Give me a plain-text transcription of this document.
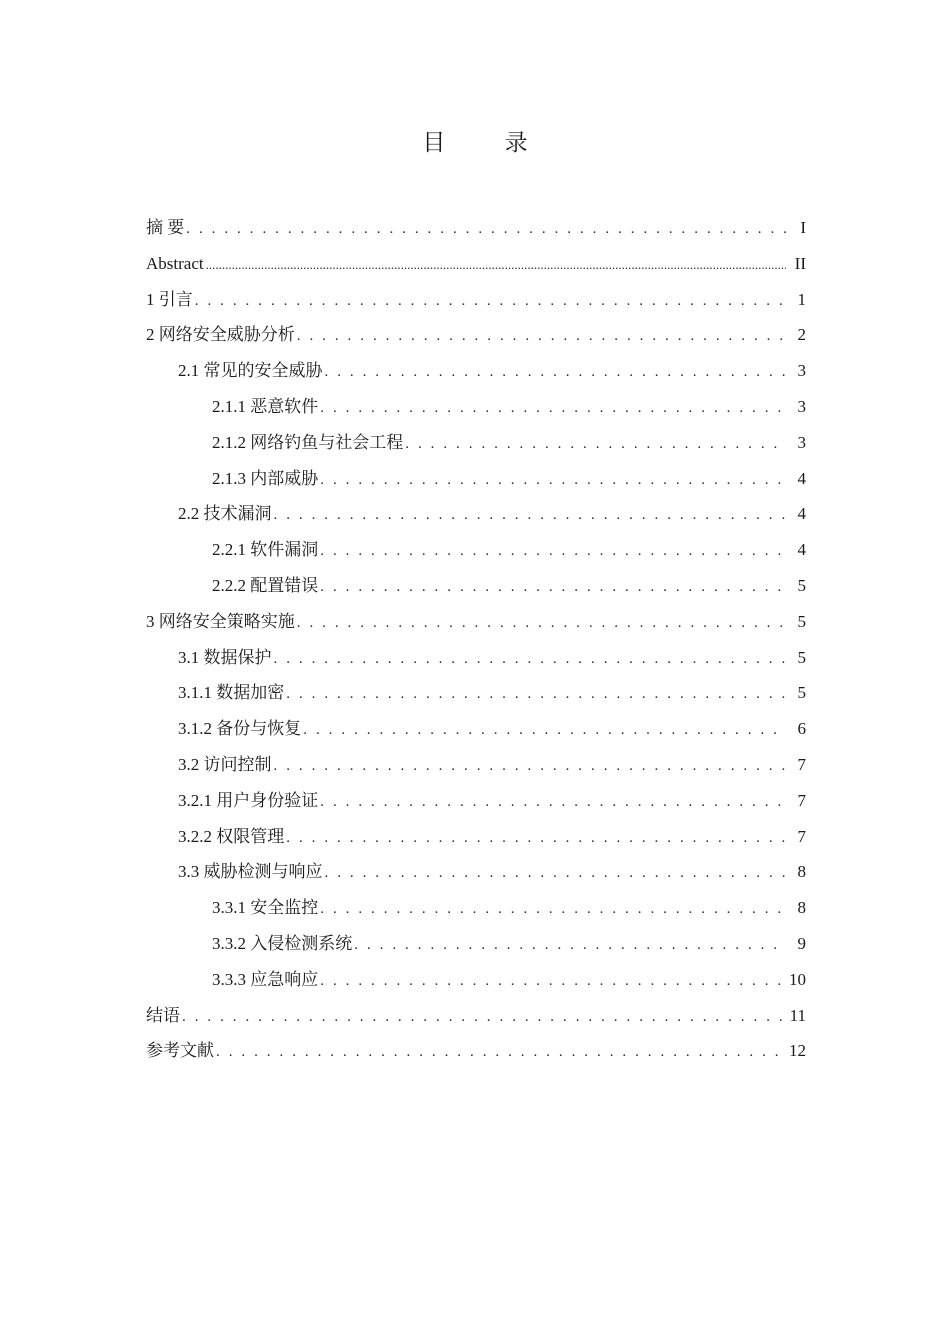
目 录
摘 要 . . .	I
Abstract .....	II
1 引言 . . .	1
2 网络安全威胁分析 . . .	2
2.1 常见的安全威胁 . . .	3
2.1.1 恶意软件 . . .	3
2.1.2 网络钓鱼与社会工程 . . .	3
2.1.3 内部威胁 . . .	4
2.2 技术漏洞 . . .	4
2.2.1 软件漏洞 . . .	4
2.2.2 配置错误 . . .	5
3 网络安全策略实施 . . .	5
3.1 数据保护 . . .	5
3.1.1 数据加密 . . .	5
3.1.2 备份与恢复 . . .	6
3.2 访问控制 . . .	7
3.2.1 用户身份验证 . . .	7
3.2.2 权限管理 . . .	7
3.3 威胁检测与响应 . . .	8
3.3.1 安全监控 . . .	8
3.3.2 入侵检测系统 . . .	9
3.3.3 应急响应 . . .	10
结语 . . .	11
参考文献 . . .	12
